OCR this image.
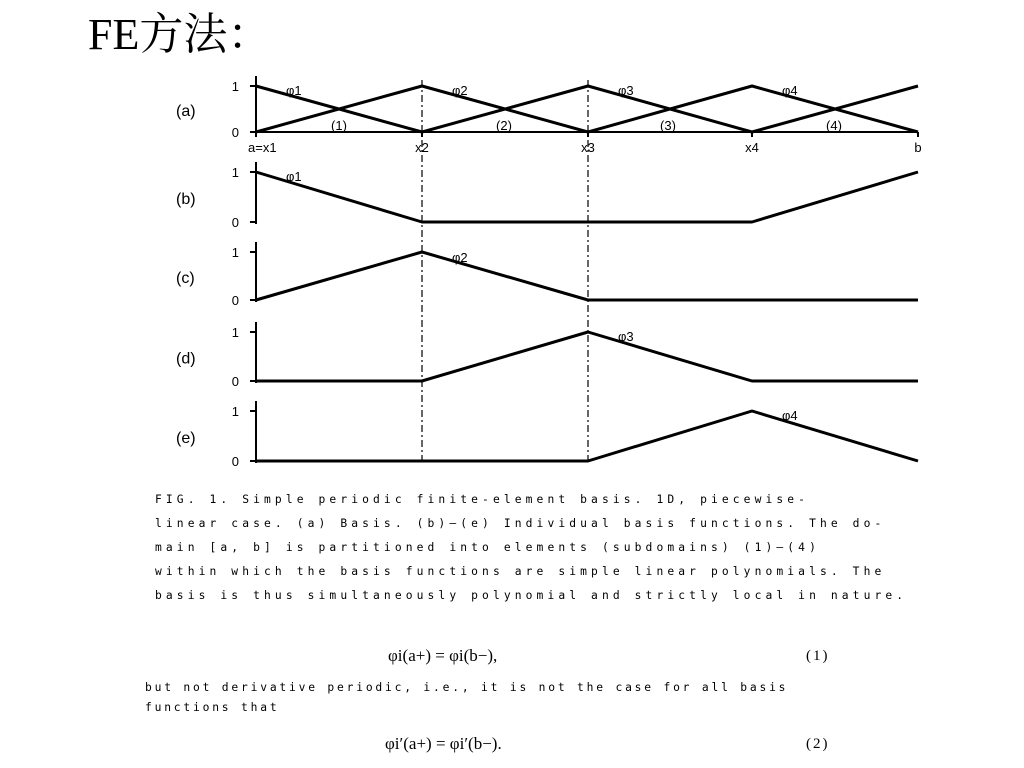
FE方法：
1
0
(a)
1
0
(b)
1
0
(c)
1
0
(d)
1
0
(e)
φ1	φ2	φ3	φ4
(1)	(2)	(3)	(4)
a=x1	x2	x3	x4	b
φ1
φ2
φ3
φ4
FIG. 1. Simple periodic finite-element basis. 1D, piecewise-
linear case. (a) Basis. (b)—(e) Individual basis functions. The do-
main [a, b] is partitioned into elements (subdomains) (1)—(4)
within which the basis functions are simple linear polynomials. The
basis is thus simultaneously polynomial and strictly local in nature.
φi(a+) = φi(b−),	(1)
but not derivative periodic, i.e., it is not the case for all basis
functions that
φi′(a+) = φi′(b−).	(2)
